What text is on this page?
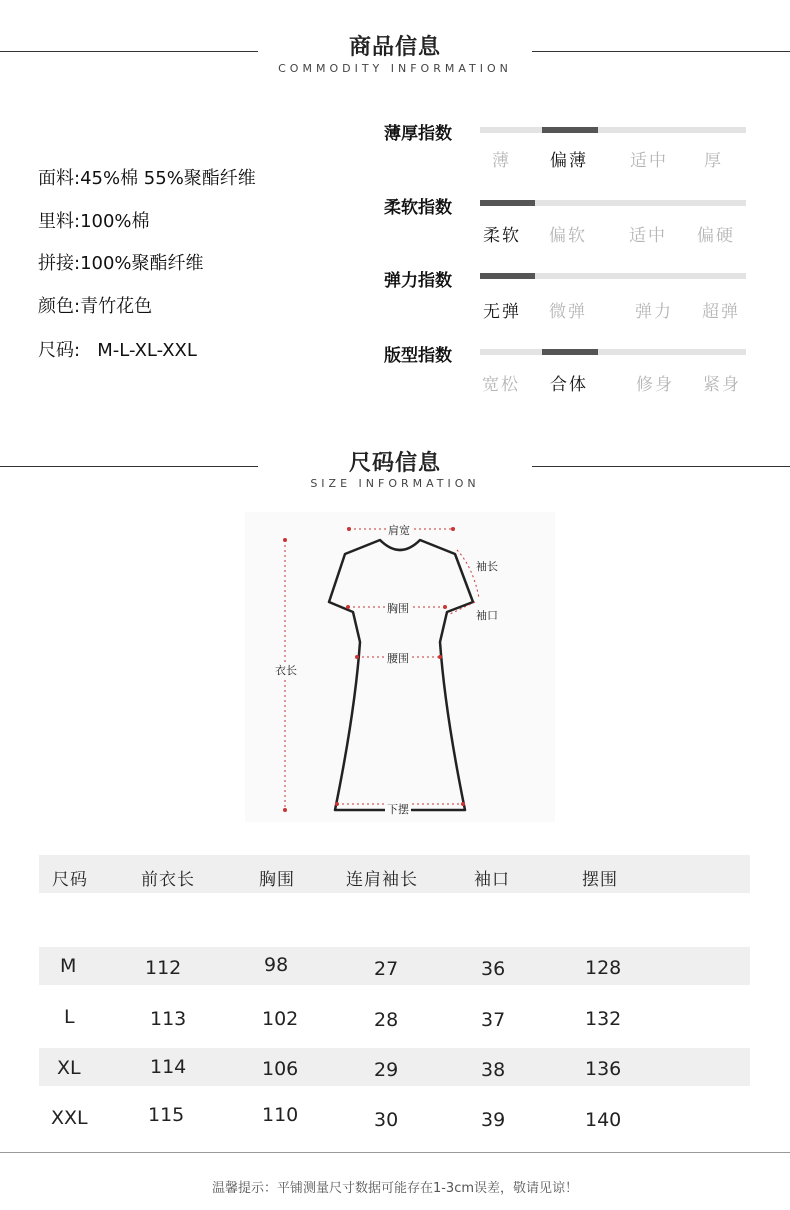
商品信息
COMMODITY INFORMATION
面料:45%棉 55%聚酯纤维
里料:100%棉
拼接:100%聚酯纤维
颜色:青竹花色
尺码:   M-L-XL-XXL
薄厚指数
薄 偏薄 适中 厚
柔软指数
柔软 偏软 适中 偏硬
弹力指数
无弹 微弹	弹力 超弹
版型指数
宽松 合体	修身 紧身
尺码信息
SIZE INFORMATION
肩宽
袖长
袖口
胸围
腰围
衣长
下摆
尺码	前衣长	胸围	连肩袖长	袖口	摆围
M	112	98	27	36	128
L	113	102	28	37	132
XL	114	106	29	38	136
XXL	115	110	30	39	140
温馨提示：平铺测量尺寸数据可能存在1-3cm误差，敬请见谅！
